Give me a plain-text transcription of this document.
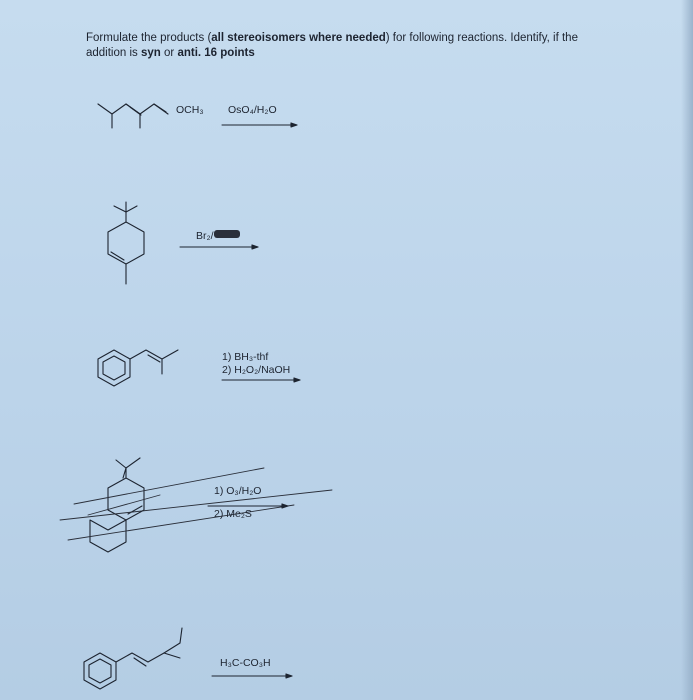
Formulate the products (all stereoisomers where needed) for following reactions. Identify, if the addition is syn or anti. 16 points
OCH₃ OsO₄/H₂O
Br₂/
1) BH₃-thf
2) H₂O₂/NaOH
1) O₃/H₂O
2) Me₂S
H₃C-CO₃H
